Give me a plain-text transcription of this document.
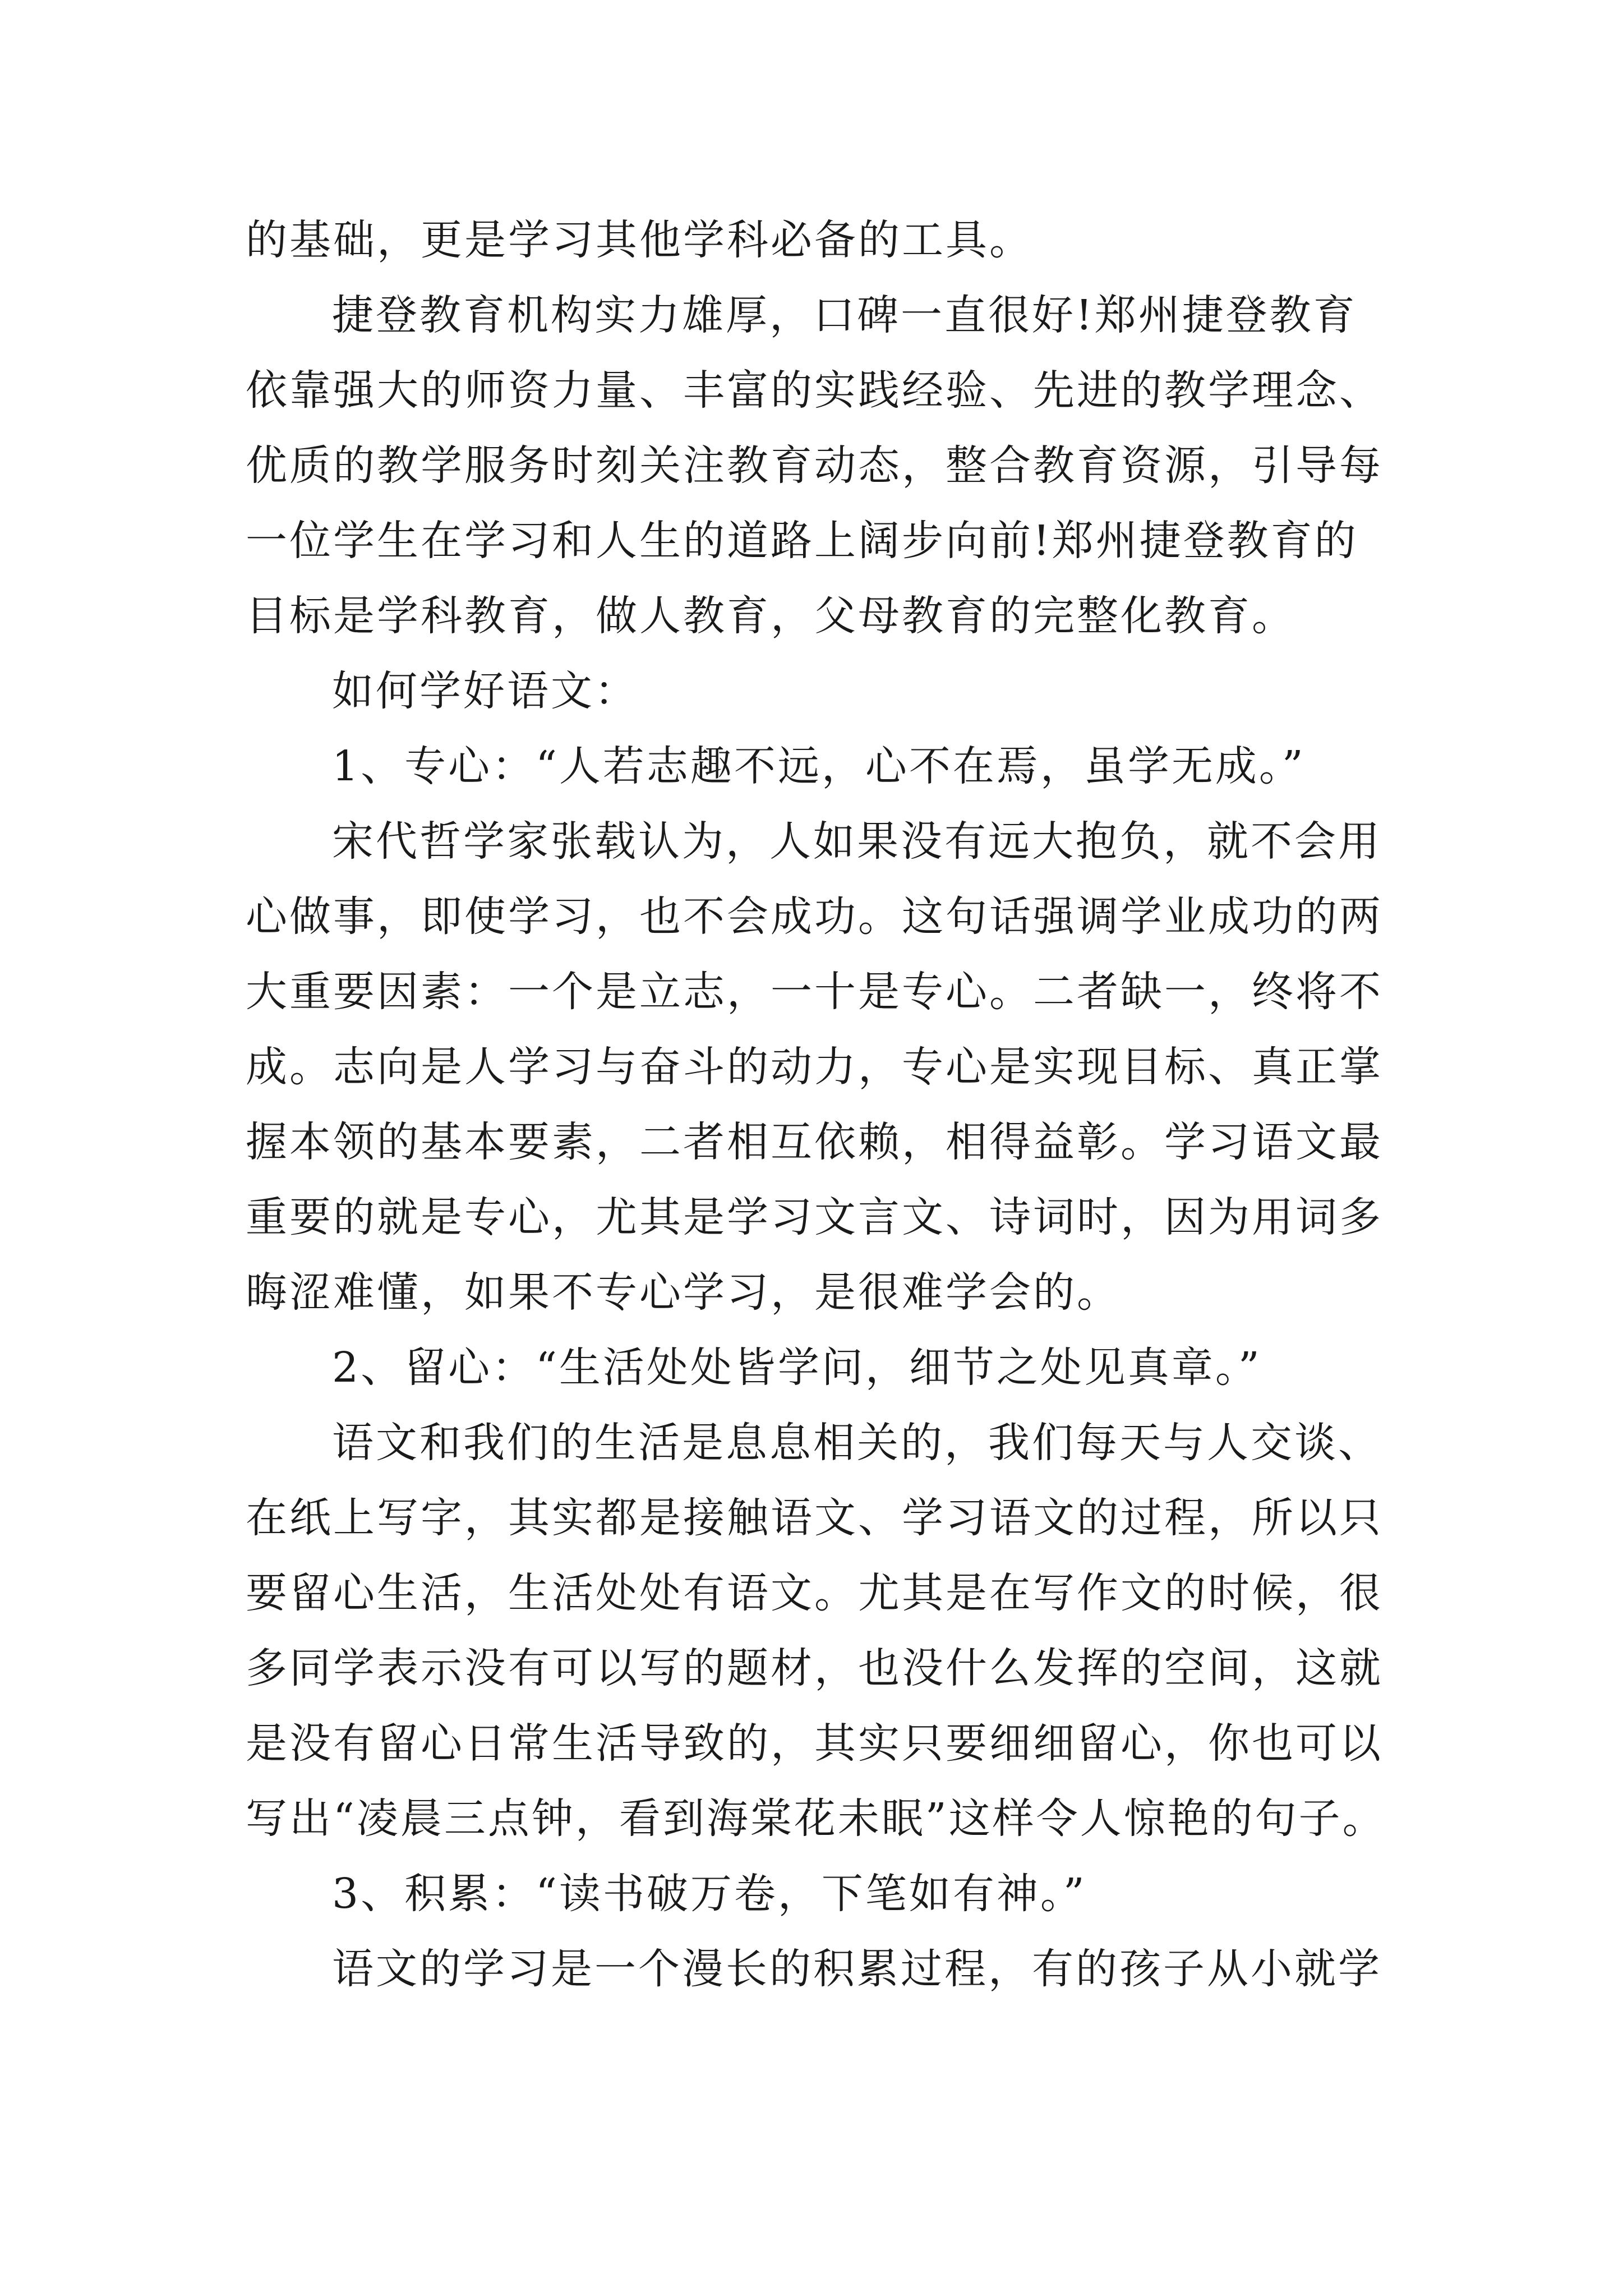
的基础，更是学习其他学科必备的工具。

捷登教育机构实力雄厚，口碑一直很好!郑州捷登教育

依靠强大的师资力量、丰富的实践经验、先进的教学理念、

优质的教学服务时刻关注教育动态，整合教育资源，引导每

一位学生在学习和人生的道路上阔步向前!郑州捷登教育的

目标是学科教育，做人教育，父母教育的完整化教育。

如何学好语文：

1、专心：“人若志趣不远，心不在焉，虽学无成。”

宋代哲学家张载认为，人如果没有远大抱负，就不会用

心做事，即使学习，也不会成功。这句话强调学业成功的两

大重要因素：一个是立志，一十是专心。二者缺一，终将不

成。志向是人学习与奋斗的动力，专心是实现目标、真正掌

握本领的基本要素，二者相互依赖，相得益彰。学习语文最

重要的就是专心，尤其是学习文言文、诗词时，因为用词多

晦涩难懂，如果不专心学习，是很难学会的。

2、留心：“生活处处皆学问，细节之处见真章。”

语文和我们的生活是息息相关的，我们每天与人交谈、

在纸上写字，其实都是接触语文、学习语文的过程，所以只

要留心生活，生活处处有语文。尤其是在写作文的时候，很

多同学表示没有可以写的题材，也没什么发挥的空间，这就

是没有留心日常生活导致的，其实只要细细留心，你也可以

写出“凌晨三点钟，看到海棠花未眠”这样令人惊艳的句子。

3、积累：“读书破万卷，下笔如有神。”

语文的学习是一个漫长的积累过程，有的孩子从小就学
